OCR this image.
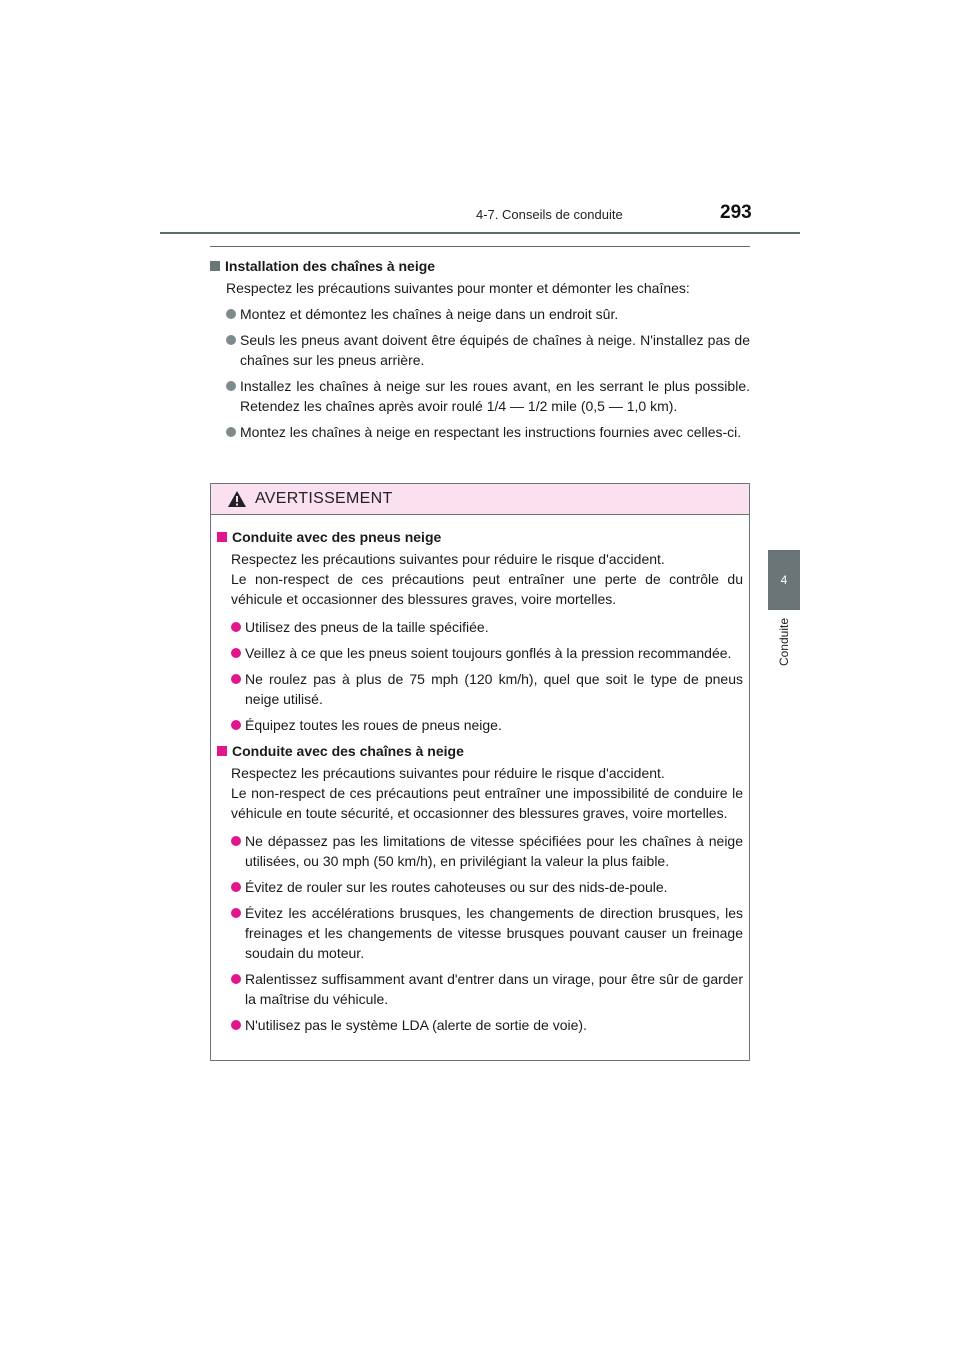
4-7. Conseils de conduite	293
4
Conduite
Installation des chaînes à neige
Respectez les précautions suivantes pour monter et démonter les chaînes:
Montez et démontez les chaînes à neige dans un endroit sûr.
Seuls les pneus avant doivent être équipés de chaînes à neige. N'installez pas de chaînes sur les pneus arrière.
Installez les chaînes à neige sur les roues avant, en les serrant le plus possible. Retendez les chaînes après avoir roulé 1/4 — 1/2 mile (0,5 — 1,0 km).
Montez les chaînes à neige en respectant les instructions fournies avec celles-ci.
AVERTISSEMENT
Conduite avec des pneus neige
Respectez les précautions suivantes pour réduire le risque d'accident.
Le non-respect de ces précautions peut entraîner une perte de contrôle du véhicule et occasionner des blessures graves, voire mortelles.
Utilisez des pneus de la taille spécifiée.
Veillez à ce que les pneus soient toujours gonflés à la pression recommandée.
Ne roulez pas à plus de 75 mph (120 km/h), quel que soit le type de pneus neige utilisé.
Équipez toutes les roues de pneus neige.
Conduite avec des chaînes à neige
Respectez les précautions suivantes pour réduire le risque d'accident.
Le non-respect de ces précautions peut entraîner une impossibilité de conduire le véhicule en toute sécurité, et occasionner des blessures graves, voire mortelles.
Ne dépassez pas les limitations de vitesse spécifiées pour les chaînes à neige utilisées, ou 30 mph (50 km/h), en privilégiant la valeur la plus faible.
Évitez de rouler sur les routes cahoteuses ou sur des nids-de-poule.
Évitez les accélérations brusques, les changements de direction brusques, les freinages et les changements de vitesse brusques pouvant causer un freinage soudain du moteur.
Ralentissez suffisamment avant d'entrer dans un virage, pour être sûr de garder la maîtrise du véhicule.
N'utilisez pas le système LDA (alerte de sortie de voie).
